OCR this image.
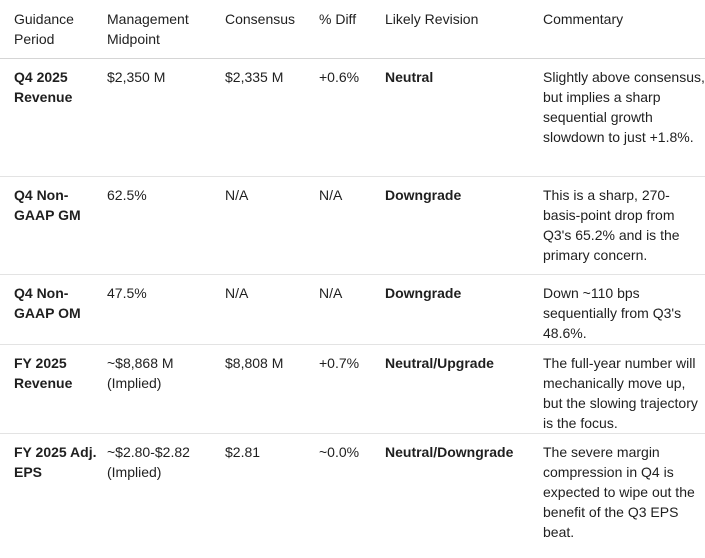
Guidance Period	Management Midpoint	Consensus	% Diff	Likely Revision	Commentary
Q4 2025 Revenue	$2,350 M	$2,335 M	+0.6%	Neutral	Slightly above consensus, but implies a sharp sequential growth slowdown to just +1.8%.
Q4 Non-GAAP GM	62.5%	N/A	N/A	Downgrade	This is a sharp, 270-basis-point drop from Q3's 65.2% and is the primary concern.
Q4 Non-GAAP OM	47.5%	N/A	N/A	Downgrade	Down ~110 bps sequentially from Q3's 48.6%.
FY 2025 Revenue	~$8,868 M (Implied)	$8,808 M	+0.7%	Neutral/Upgrade	The full-year number will mechanically move up, but the slowing trajectory is the focus.
FY 2025 Adj. EPS	~$2.80-$2.82 (Implied)	$2.81	~0.0%	Neutral/Downgrade	The severe margin compression in Q4 is expected to wipe out the benefit of the Q3 EPS beat.
